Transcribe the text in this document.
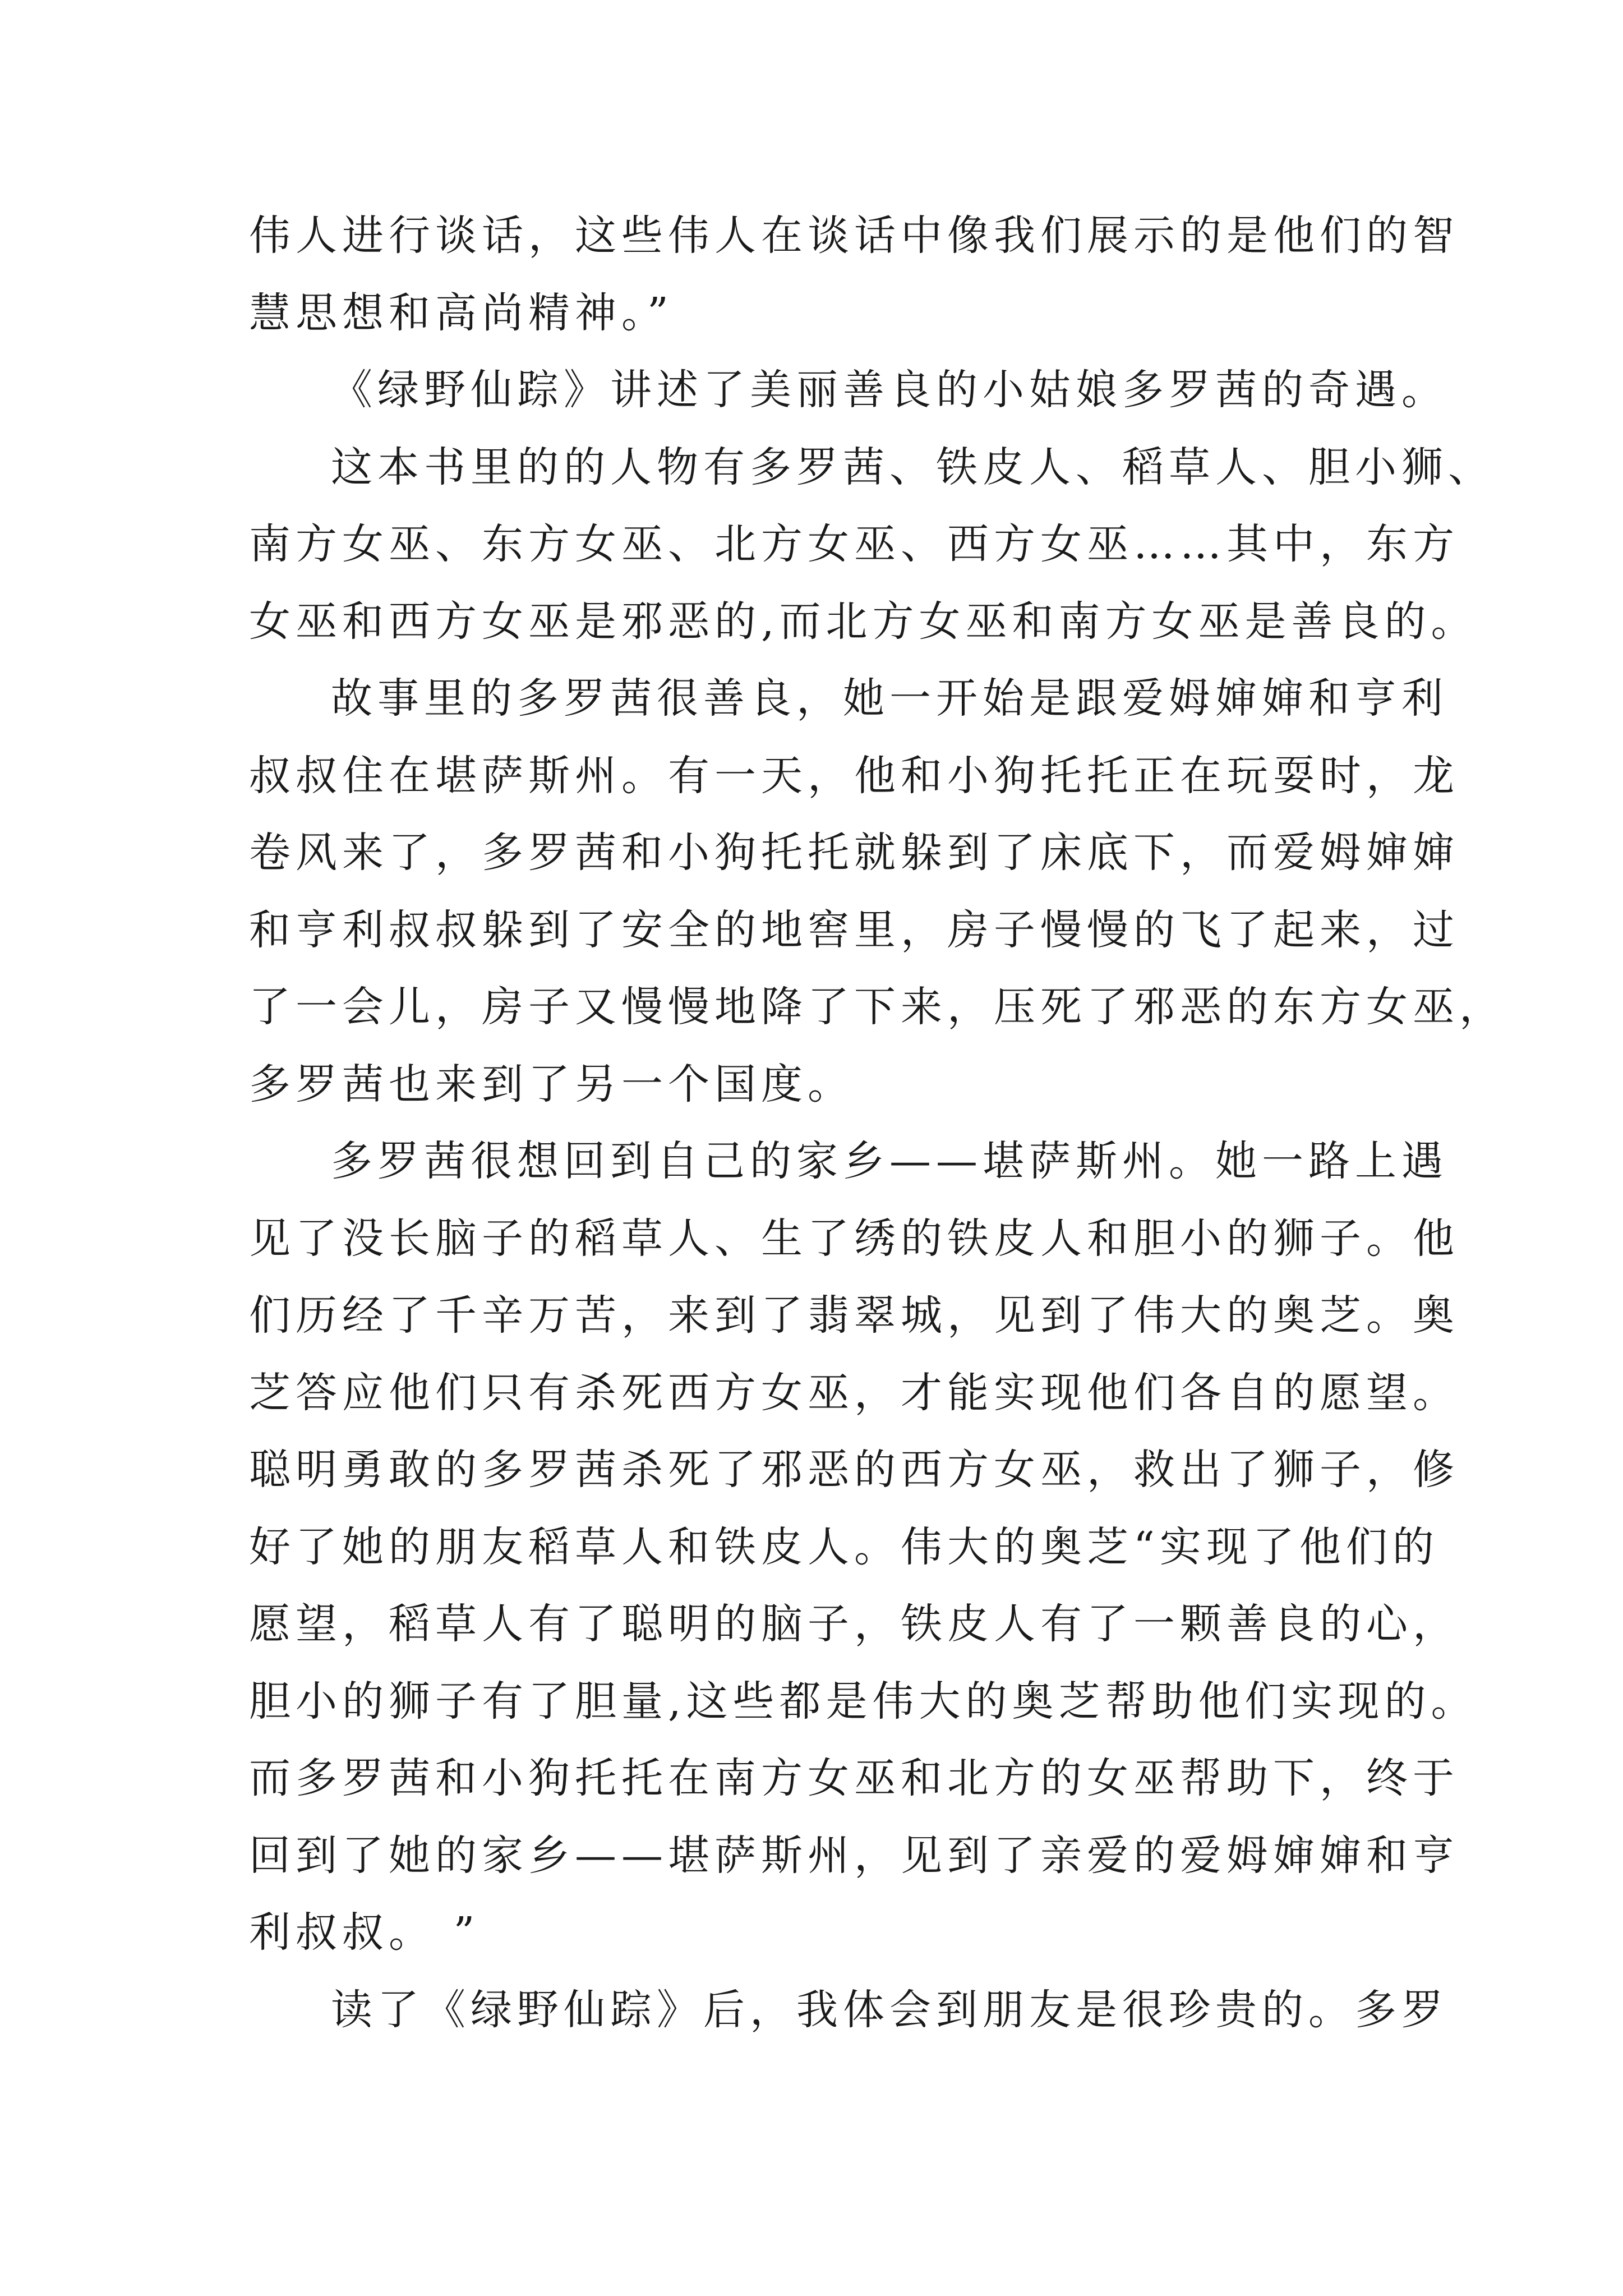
伟人进行谈话，这些伟人在谈话中像我们展示的是他们的智
慧思想和高尚精神。”
《绿野仙踪》讲述了美丽善良的小姑娘多罗茜的奇遇。
这本书里的的人物有多罗茜、铁皮人、稻草人、胆小狮、
南方女巫、东方女巫、北方女巫、西方女巫……其中，东方
女巫和西方女巫是邪恶的,而北方女巫和南方女巫是善良的。
故事里的多罗茜很善良，她一开始是跟爱姆婶婶和亨利
叔叔住在堪萨斯州。有一天，他和小狗托托正在玩耍时，龙
卷风来了，多罗茜和小狗托托就躲到了床底下，而爱姆婶婶
和亨利叔叔躲到了安全的地窖里，房子慢慢的飞了起来，过
了一会儿，房子又慢慢地降了下来，压死了邪恶的东方女巫，
多罗茜也来到了另一个国度。
多罗茜很想回到自己的家乡——堪萨斯州。她一路上遇
见了没长脑子的稻草人、生了绣的铁皮人和胆小的狮子。他
们历经了千辛万苦，来到了翡翠城，见到了伟大的奥芝。奥
芝答应他们只有杀死西方女巫，才能实现他们各自的愿望。
聪明勇敢的多罗茜杀死了邪恶的西方女巫，救出了狮子，修
好了她的朋友稻草人和铁皮人。伟大的奥芝“实现了他们的
愿望，稻草人有了聪明的脑子，铁皮人有了一颗善良的心，
胆小的狮子有了胆量,这些都是伟大的奥芝帮助他们实现的。
而多罗茜和小狗托托在南方女巫和北方的女巫帮助下，终于
回到了她的家乡——堪萨斯州，见到了亲爱的爱姆婶婶和亨
利叔叔。 ”
读了《绿野仙踪》后，我体会到朋友是很珍贵的。多罗
